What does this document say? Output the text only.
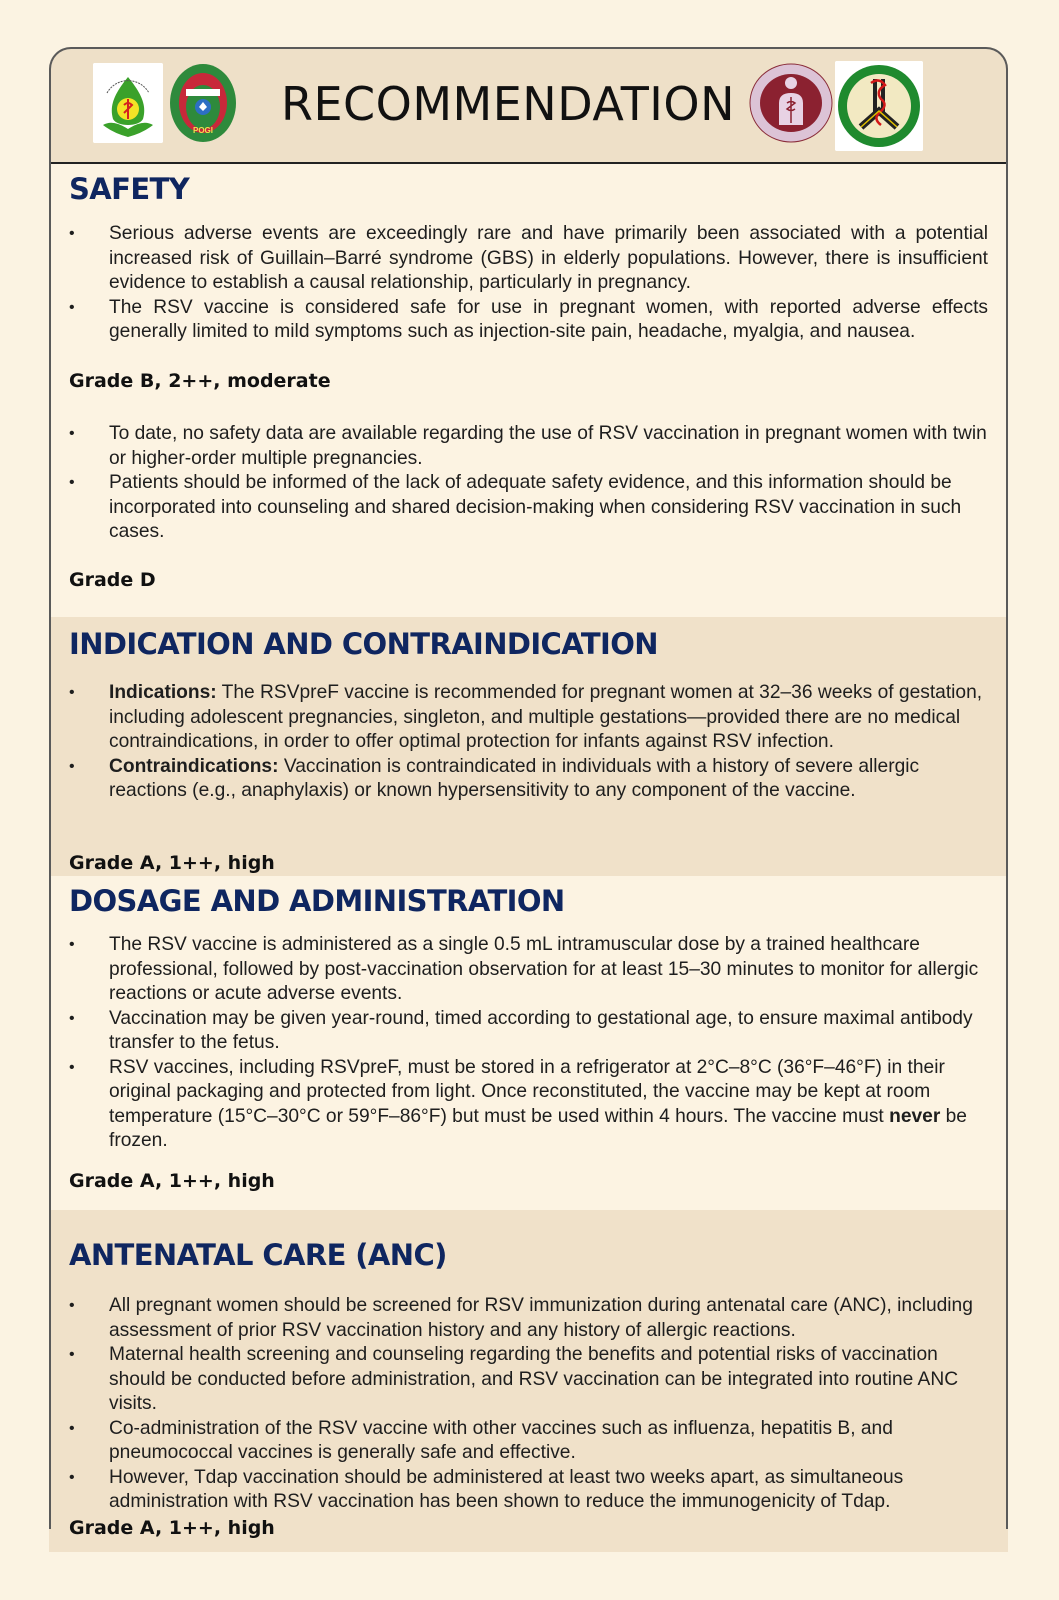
POGI RECOMMENDATION
SAFETY
• Serious adverse events are exceedingly rare and have primarily been associated with a potential increased risk of Guillain–Barré syndrome (GBS) in elderly populations. However, there is insufficient evidence to establish a causal relationship, particularly in pregnancy.
• The RSV vaccine is considered safe for use in pregnant women, with reported adverse effects generally limited to mild symptoms such as injection-site pain, headache, myalgia, and nausea.
Grade B, 2++, moderate
• To date, no safety data are available regarding the use of RSV vaccination in pregnant women with twin or higher-order multiple pregnancies.
• Patients should be informed of the lack of adequate safety evidence, and this information should be incorporated into counseling and shared decision-making when considering RSV vaccination in such cases.
Grade D
INDICATION AND CONTRAINDICATION
• Indications: The RSVpreF vaccine is recommended for pregnant women at 32–36 weeks of gestation, including adolescent pregnancies, singleton, and multiple gestations—provided there are no medical contraindications, in order to offer optimal protection for infants against RSV infection.
• Contraindications: Vaccination is contraindicated in individuals with a history of severe allergic reactions (e.g., anaphylaxis) or known hypersensitivity to any component of the vaccine.
Grade A, 1++, high
DOSAGE AND ADMINISTRATION
• The RSV vaccine is administered as a single 0.5 mL intramuscular dose by a trained healthcare professional, followed by post-vaccination observation for at least 15–30 minutes to monitor for allergic reactions or acute adverse events.
• Vaccination may be given year-round, timed according to gestational age, to ensure maximal antibody transfer to the fetus.
• RSV vaccines, including RSVpreF, must be stored in a refrigerator at 2°C–8°C (36°F–46°F) in their original packaging and protected from light. Once reconstituted, the vaccine may be kept at room temperature (15°C–30°C or 59°F–86°F) but must be used within 4 hours. The vaccine must never be frozen.
Grade A, 1++, high
ANTENATAL CARE (ANC)
• All pregnant women should be screened for RSV immunization during antenatal care (ANC), including assessment of prior RSV vaccination history and any history of allergic reactions.
• Maternal health screening and counseling regarding the benefits and potential risks of vaccination should be conducted before administration, and RSV vaccination can be integrated into routine ANC visits.
• Co-administration of the RSV vaccine with other vaccines such as influenza, hepatitis B, and pneumococcal vaccines is generally safe and effective.
• However, Tdap vaccination should be administered at least two weeks apart, as simultaneous administration with RSV vaccination has been shown to reduce the immunogenicity of Tdap.
Grade A, 1++, high
